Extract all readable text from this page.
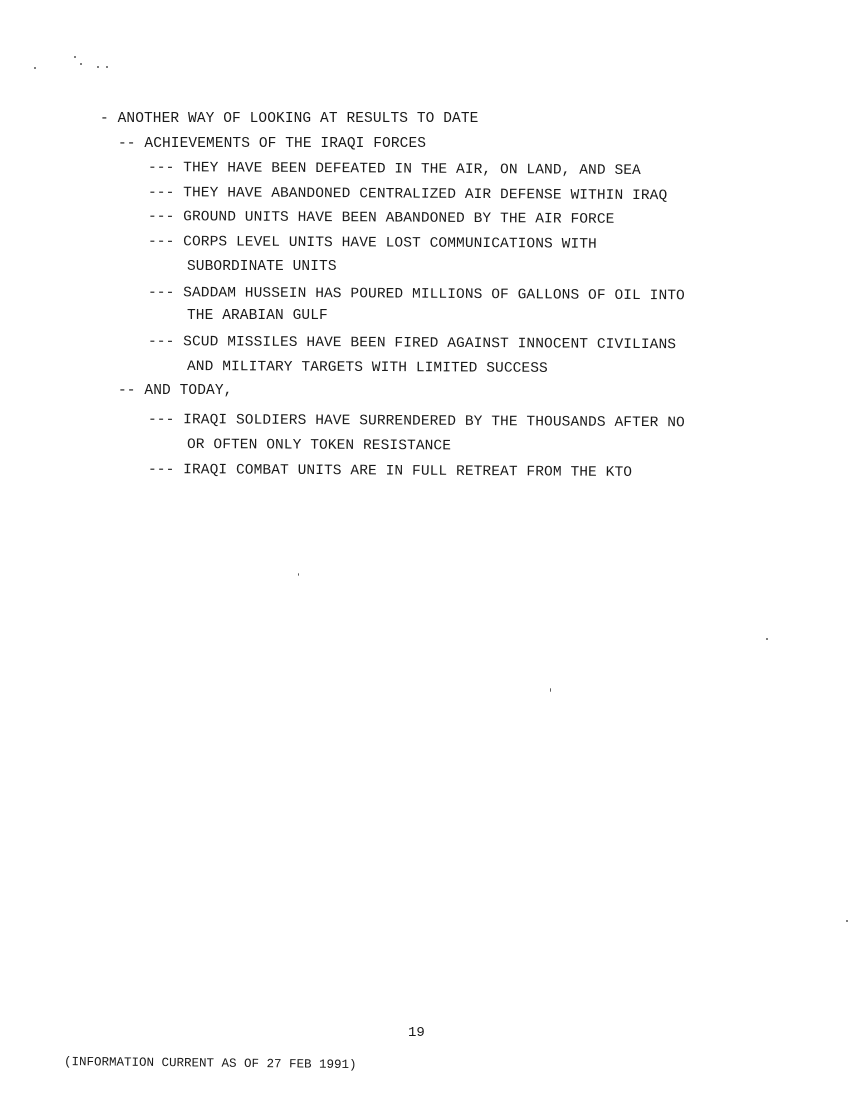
- ANOTHER WAY OF LOOKING AT RESULTS TO DATE
-- ACHIEVEMENTS OF THE IRAQI FORCES
--- THEY HAVE BEEN DEFEATED IN THE AIR, ON LAND, AND SEA
--- THEY HAVE ABANDONED CENTRALIZED AIR DEFENSE WITHIN IRAQ
--- GROUND UNITS HAVE BEEN ABANDONED BY THE AIR FORCE
--- CORPS LEVEL UNITS HAVE LOST COMMUNICATIONS WITH
SUBORDINATE UNITS
--- SADDAM HUSSEIN HAS POURED MILLIONS OF GALLONS OF OIL INTO
THE ARABIAN GULF
--- SCUD MISSILES HAVE BEEN FIRED AGAINST INNOCENT CIVILIANS
AND MILITARY TARGETS WITH LIMITED SUCCESS
-- AND TODAY,
--- IRAQI SOLDIERS HAVE SURRENDERED BY THE THOUSANDS AFTER NO
OR OFTEN ONLY TOKEN RESISTANCE
--- IRAQI COMBAT UNITS ARE IN FULL RETREAT FROM THE KTO
19
(INFORMATION CURRENT AS OF 27 FEB 1991)
